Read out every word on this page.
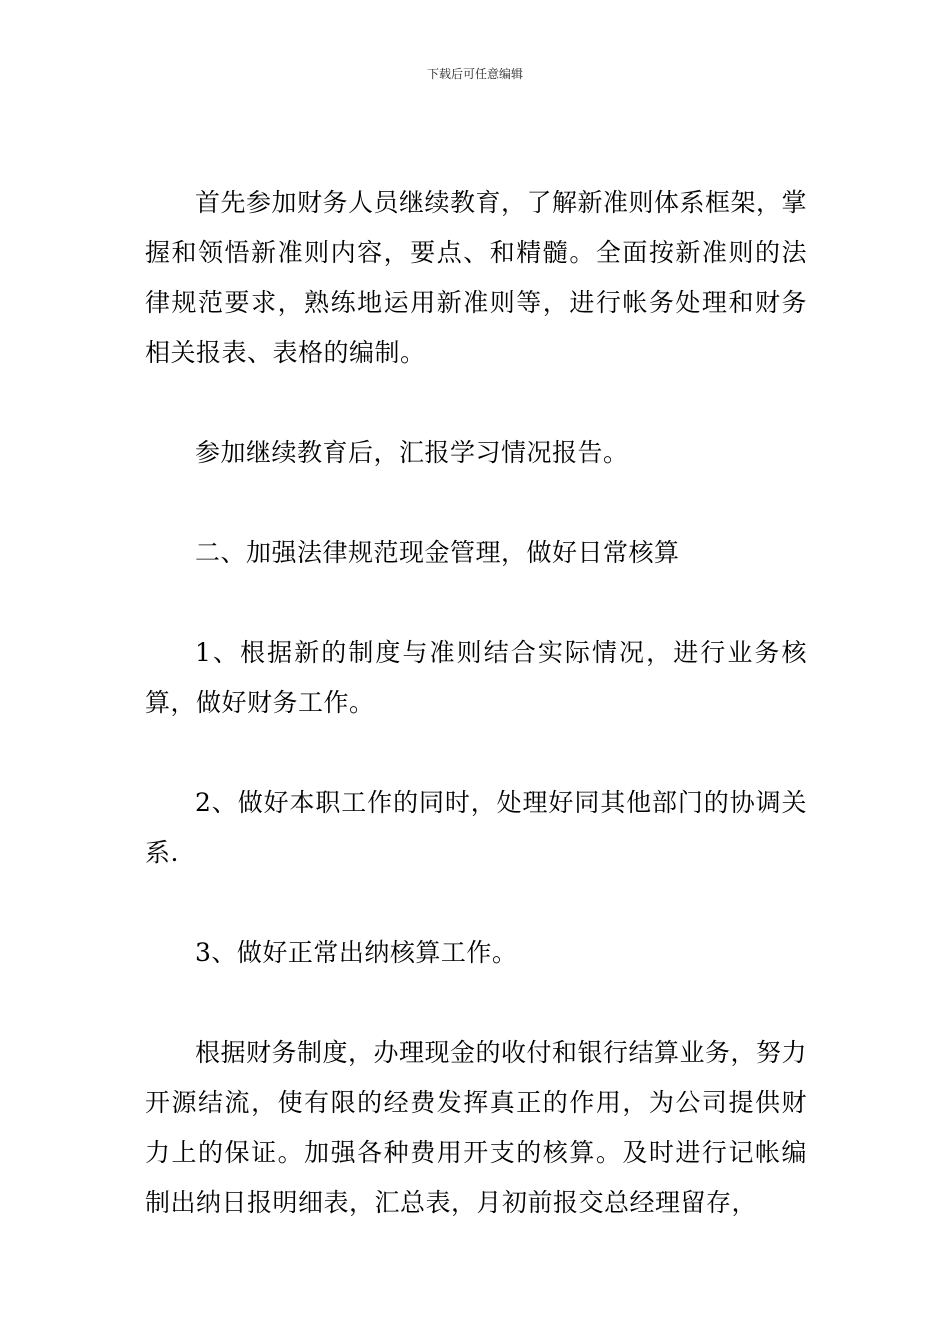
下载后可任意编辑

首先参加财务人员继续教育，了解新准则体系框架，掌握和领悟新准则内容，要点、和精髓。全面按新准则的法律规范要求，熟练地运用新准则等，进行帐务处理和财务相关报表、表格的编制。

参加继续教育后，汇报学习情况报告。

二、加强法律规范现金管理，做好日常核算

1、根据新的制度与准则结合实际情况，进行业务核算，做好财务工作。

2、做好本职工作的同时，处理好同其他部门的协调关系.

3、做好正常出纳核算工作。

根据财务制度，办理现金的收付和银行结算业务，努力开源结流，使有限的经费发挥真正的作用，为公司提供财力上的保证。加强各种费用开支的核算。及时进行记帐编制出纳日报明细表，汇总表，月初前报交总经理留存，
